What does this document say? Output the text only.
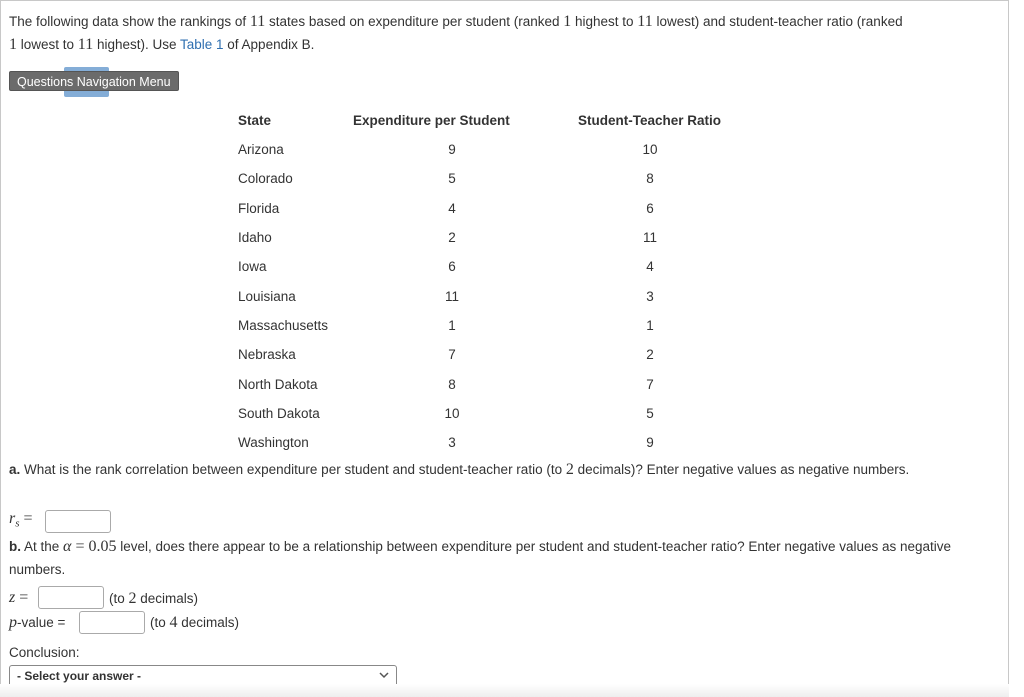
The following data show the rankings of 11 states based on expenditure per student (ranked 1 highest to 11 lowest) and student-teacher ratio (ranked
1 lowest to 11 highest). Use Table 1 of Appendix B.
Questions Navigation Menu
State	Expenditure per Student	Student-Teacher Ratio
Arizona	9	10
Colorado	5	8
Florida	4	6
Idaho	2	11
Iowa	6	4
Louisiana	11	3
Massachusetts	1	1
Nebraska	7	2
North Dakota	8	7
South Dakota	10	5
Washington	3	9
a. What is the rank correlation between expenditure per student and student-teacher ratio (to 2 decimals)? Enter negative values as negative numbers.
$r_s$ =
b. At the α = 0.05 level, does there appear to be a relationship between expenditure per student and student-teacher ratio? Enter negative values as negative numbers.
z =	(to 2 decimals)
p-value =	(to 4 decimals)
Conclusion:
- Select your answer -
